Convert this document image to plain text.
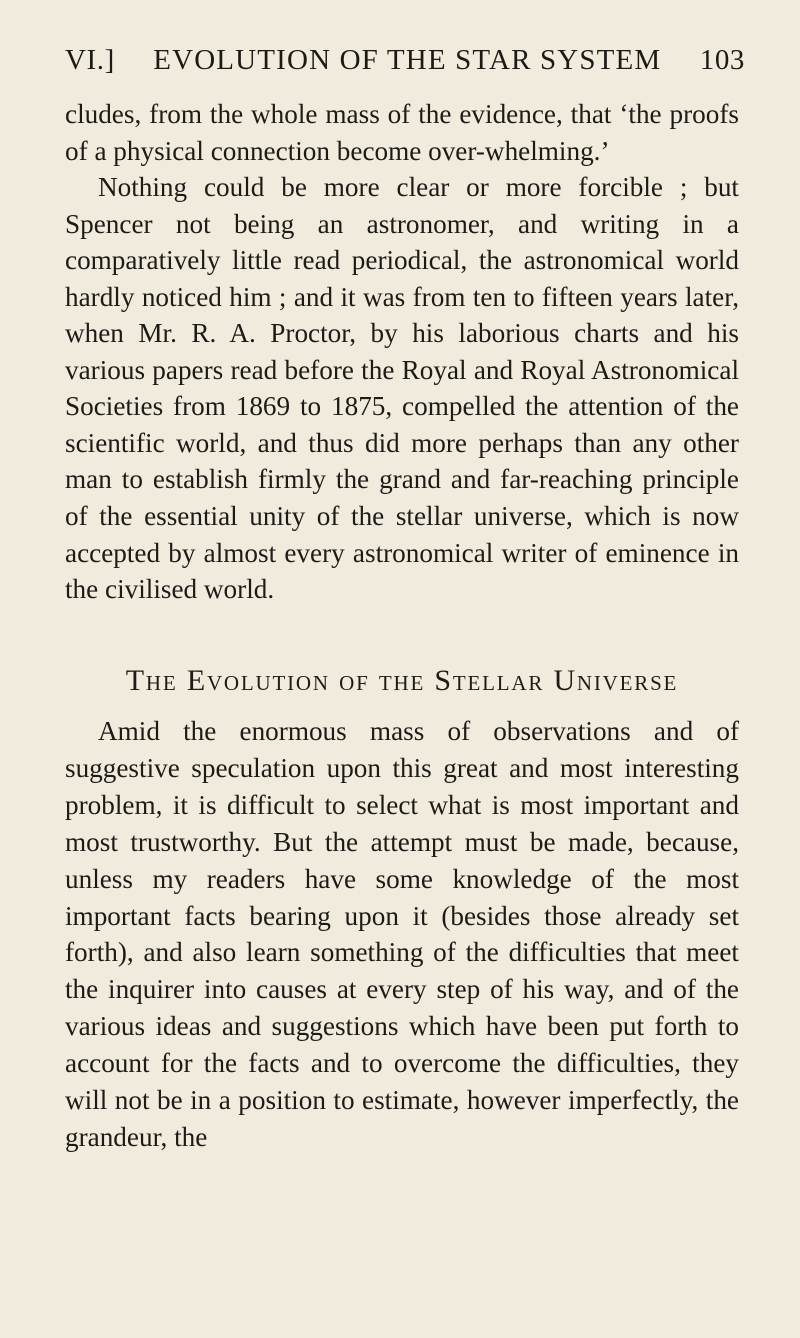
VI.] EVOLUTION OF THE STAR SYSTEM 103

cludes, from the whole mass of the evidence, that ‘the proofs of a physical connection become over-whelming.’

Nothing could be more clear or more forcible ; but Spencer not being an astronomer, and writing in a comparatively little read periodical, the astronomical world hardly noticed him ; and it was from ten to fifteen years later, when Mr. R. A. Proctor, by his laborious charts and his various papers read before the Royal and Royal Astronomical Societies from 1869 to 1875, compelled the attention of the scientific world, and thus did more perhaps than any other man to establish firmly the grand and far-reaching principle of the essential unity of the stellar universe, which is now accepted by almost every astronomical writer of eminence in the civilised world.

The Evolution of the Stellar Universe

Amid the enormous mass of observations and of suggestive speculation upon this great and most interesting problem, it is difficult to select what is most important and most trustworthy. But the attempt must be made, because, unless my readers have some knowledge of the most important facts bearing upon it (besides those already set forth), and also learn something of the difficulties that meet the inquirer into causes at every step of his way, and of the various ideas and suggestions which have been put forth to account for the facts and to overcome the difficulties, they will not be in a position to estimate, however imperfectly, the grandeur, the
